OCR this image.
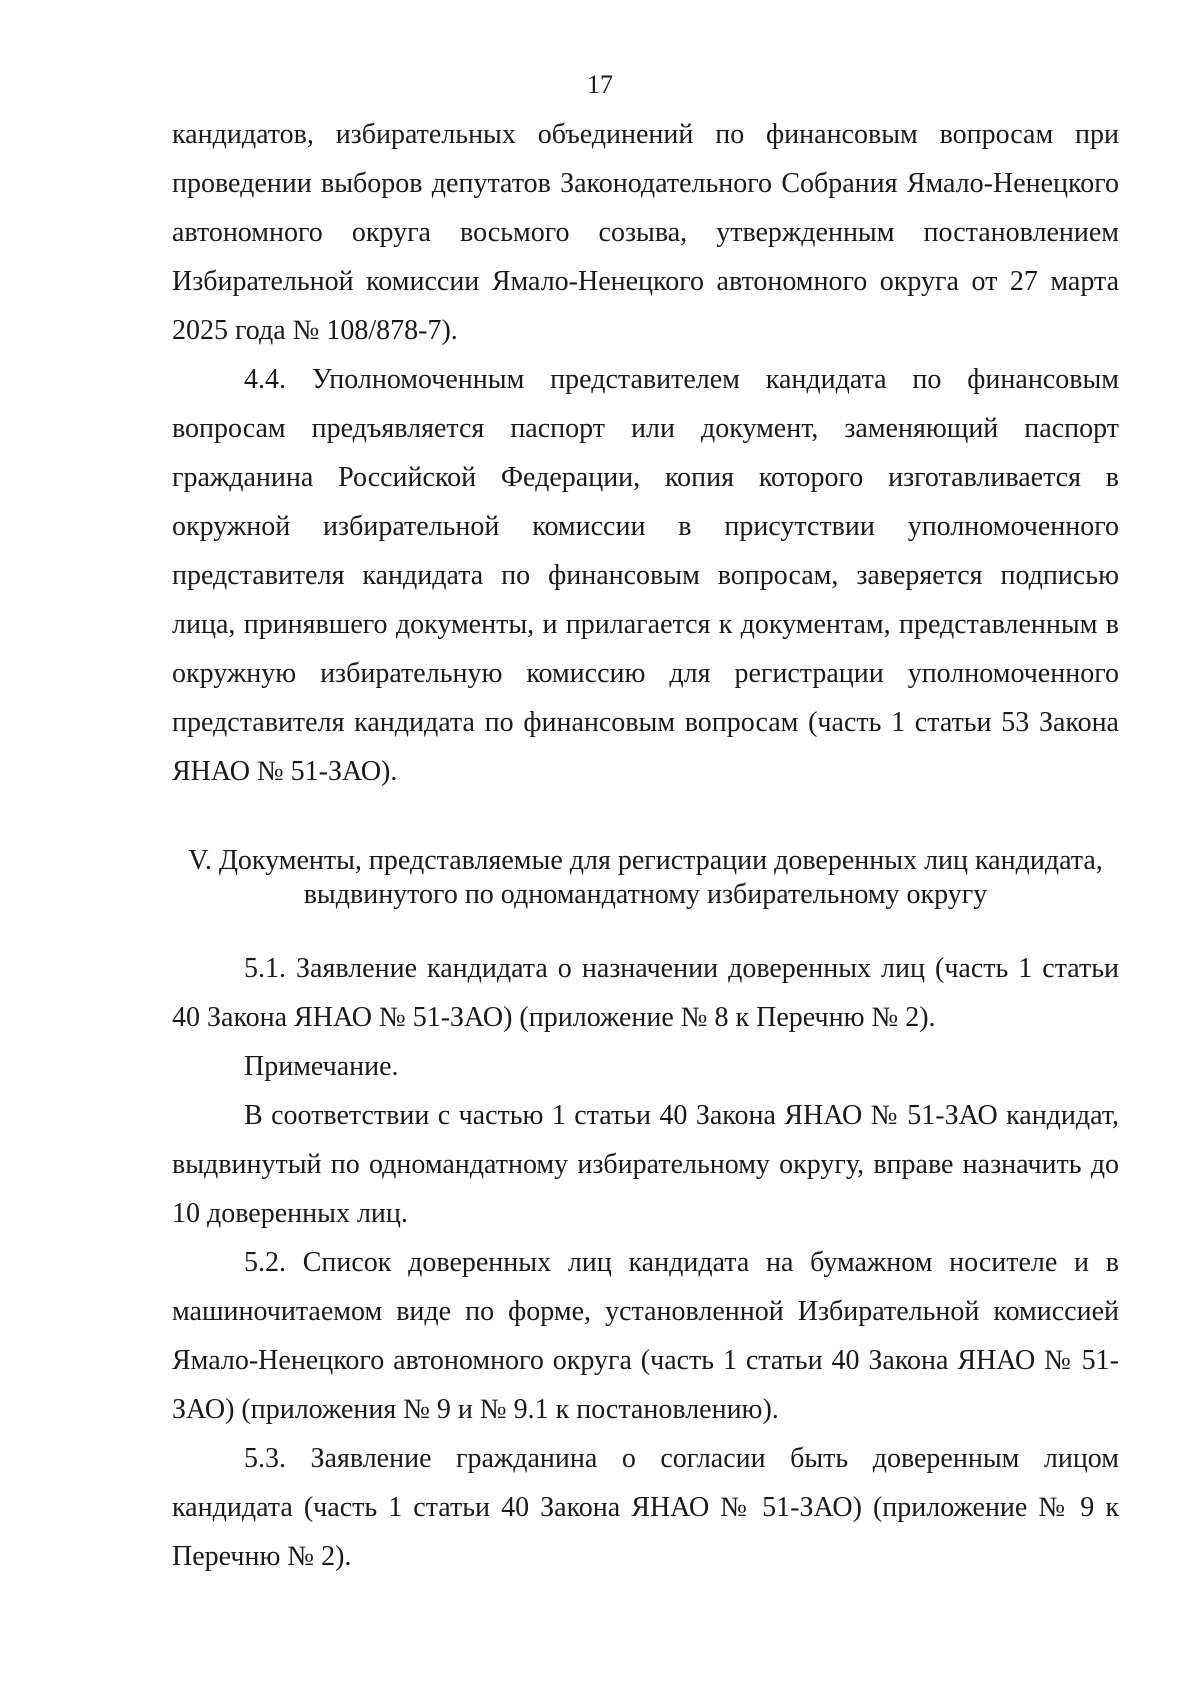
17

кандидатов, избирательных объединений по финансовым вопросам при проведении выборов депутатов Законодательного Собрания Ямало-Ненецкого автономного округа восьмого созыва, утвержденным постановлением Избирательной комиссии Ямало-Ненецкого автономного округа от 27 марта 2025 года № 108/878-7).

4.4. Уполномоченным представителем кандидата по финансовым вопросам предъявляется паспорт или документ, заменяющий паспорт гражданина Российской Федерации, копия которого изготавливается в окружной избирательной комиссии в присутствии уполномоченного представителя кандидата по финансовым вопросам, заверяется подписью лица, принявшего документы, и прилагается к документам, представленным в окружную избирательную комиссию для регистрации уполномоченного представителя кандидата по финансовым вопросам (часть 1 статьи 53 Закона ЯНАО № 51-ЗАО).

V. Документы, представляемые для регистрации доверенных лиц кандидата,

выдвинутого по одномандатному избирательному округу

5.1. Заявление кандидата о назначении доверенных лиц (часть 1 статьи 40 Закона ЯНАО № 51-ЗАО) (приложение № 8 к Перечню № 2).

Примечание.

В соответствии с частью 1 статьи 40 Закона ЯНАО № 51-ЗАО кандидат, выдвинутый по одномандатному избирательному округу, вправе назначить до 10 доверенных лиц.

5.2. Список доверенных лиц кандидата на бумажном носителе и в машиночитаемом виде по форме, установленной Избирательной комиссией Ямало-Ненецкого автономного округа (часть 1 статьи 40 Закона ЯНАО № 51-ЗАО) (приложения № 9 и № 9.1 к постановлению).

5.3. Заявление гражданина о согласии быть доверенным лицом кандидата (часть 1 статьи 40 Закона ЯНАО № 51-ЗАО) (приложение № 9 к Перечню № 2).
